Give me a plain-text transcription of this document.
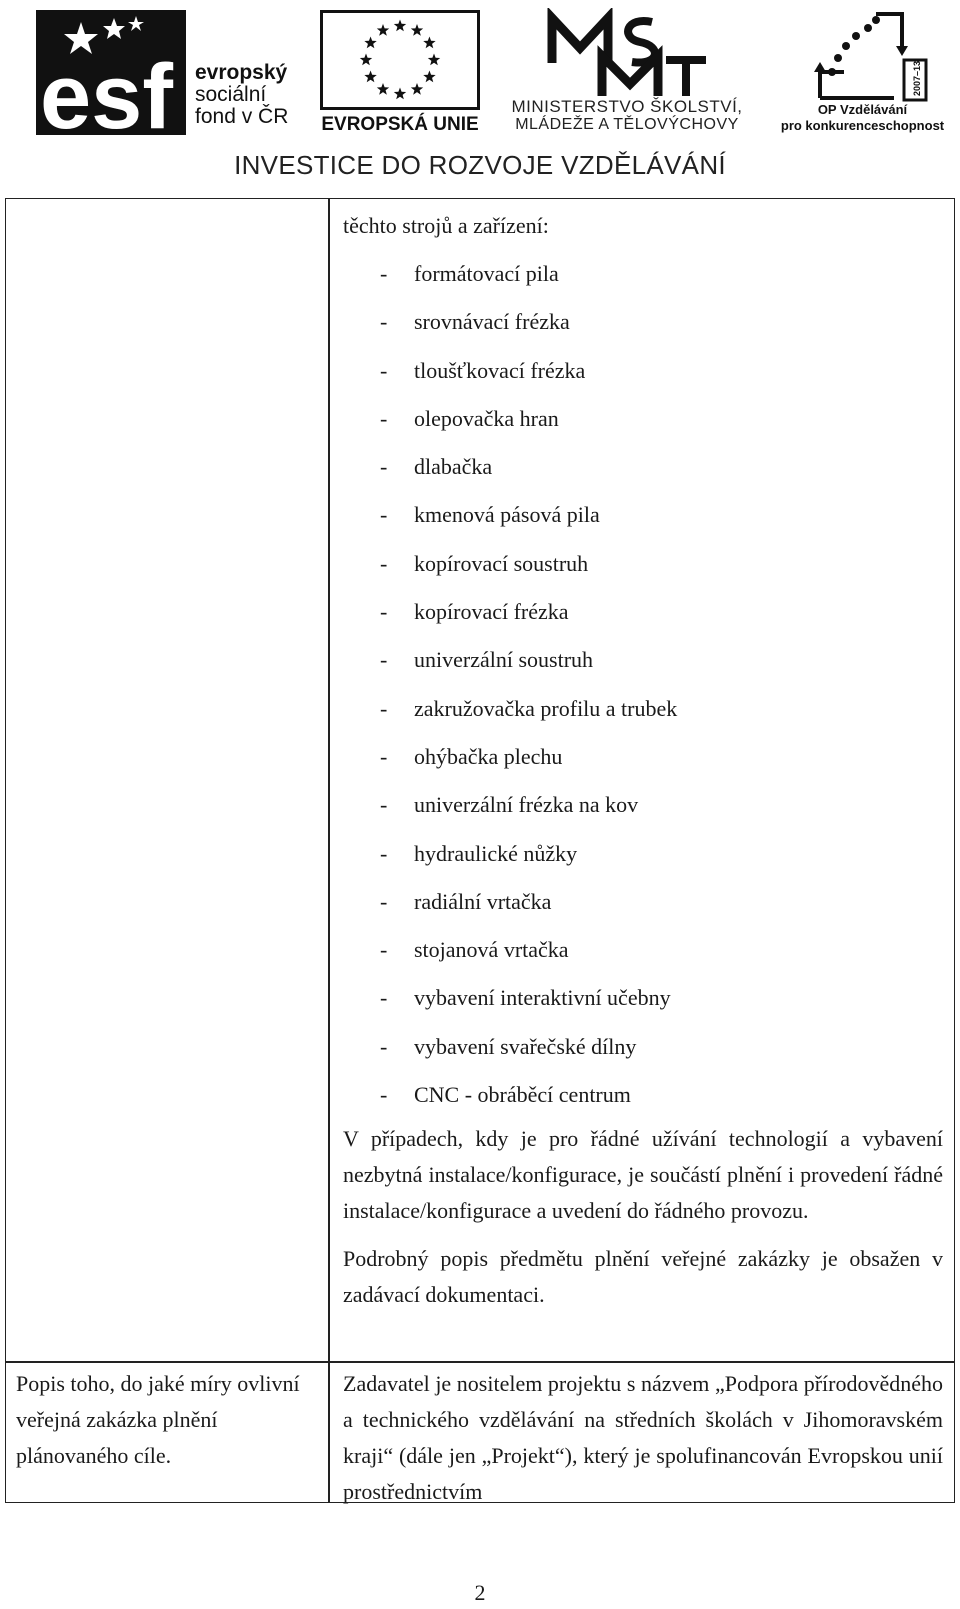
esf evropský
sociální
fond v ČR EVROPSKÁ UNIE
MINISTERSTVO ŠKOLSTVÍ,
MLÁDEŽE A TĚLOVÝCHOVY
2007–13
OP Vzdělávání
pro konkurenceschopnost
INVESTICE DO ROZVOJE VZDĚLÁVÁNÍ

těchto strojů a zařízení:

- formátovací pila
- srovnávací frézka
- tloušťkovací frézka
- olepovačka hran
- dlabačka
- kmenová pásová pila
- kopírovací soustruh
- kopírovací frézka
- univerzální soustruh
- zakružovačka profilu a trubek
- ohýbačka plechu
- univerzální frézka na kov
- hydraulické nůžky
- radiální vrtačka
- stojanová vrtačka
- vybavení interaktivní učebny
- vybavení svařečské dílny
- CNC - obráběcí centrum

V případech, kdy je pro řádné užívání technologií a vybavení nezbytná instalace/konfigurace, je součástí plnění i provedení řádné instalace/konfigurace a uvedení do řádného provozu.

Podrobný popis předmětu plnění veřejné zakázky je obsažen v zadávací dokumentaci.

Popis toho, do jaké míry ovlivní veřejná zakázka plnění plánovaného cíle.
Zadavatel je nositelem projektu s názvem „Podpora přírodovědného a technického vzdělávání na středních školách v Jihomoravském kraji“ (dále jen „Projekt“), který je spolufinancován Evropskou unií prostřednictvím
2
